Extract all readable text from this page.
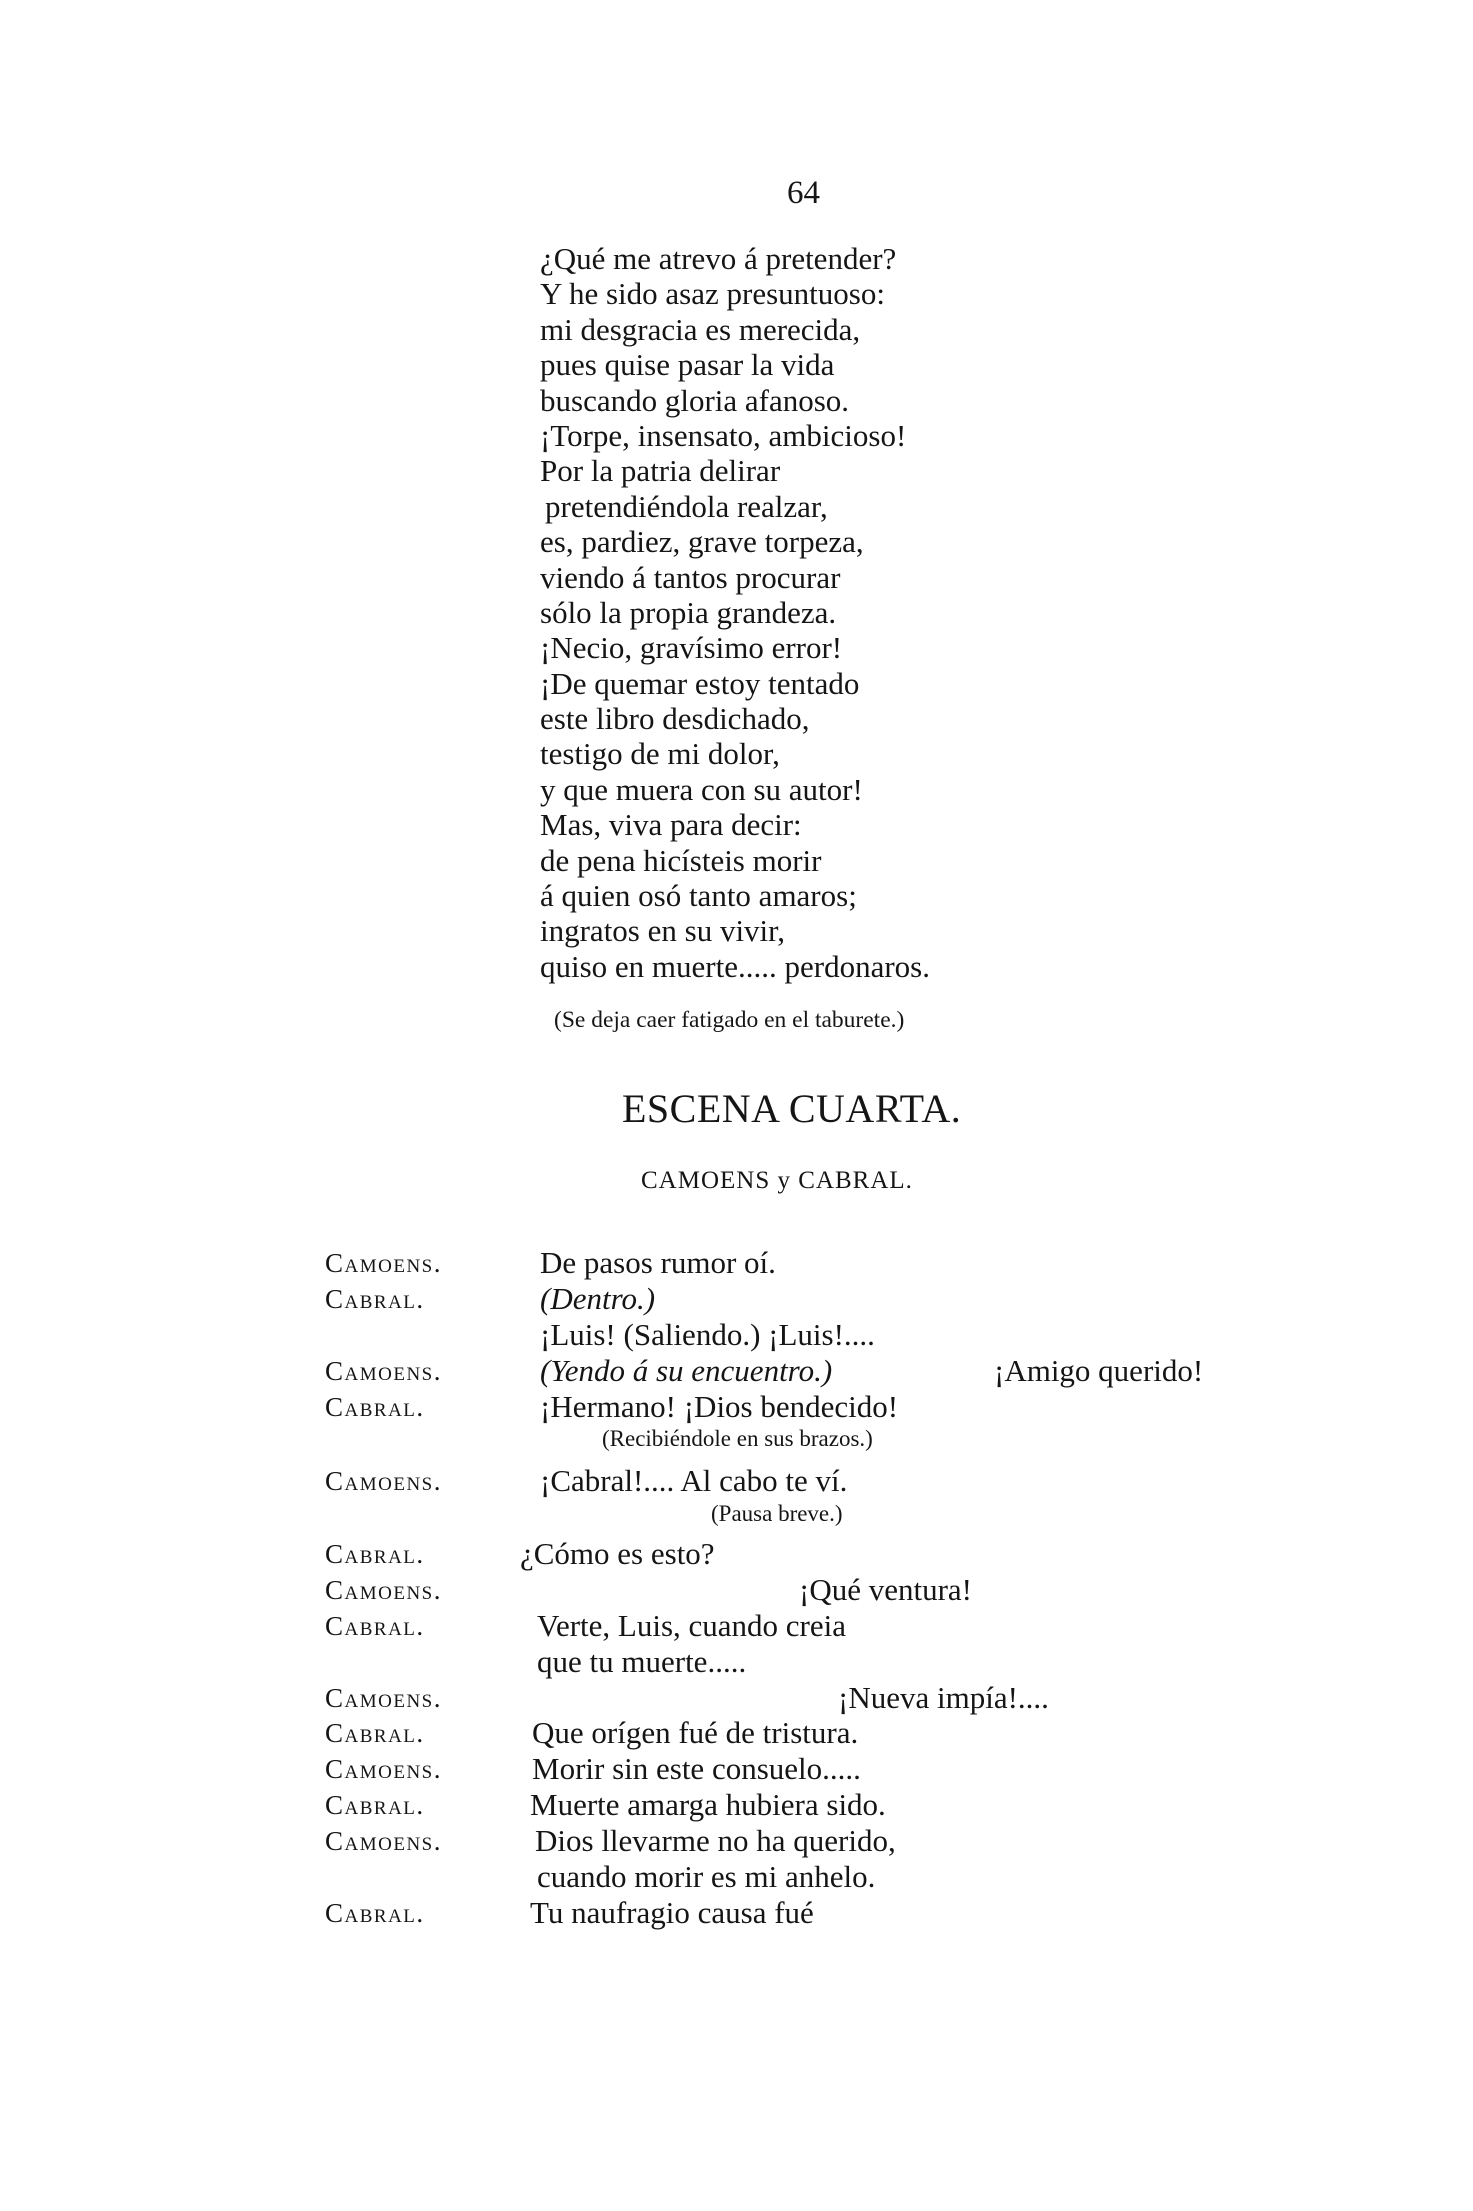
64
¿Qué me atrevo á pretender?
Y he sido asaz presuntuoso:
mi desgracia es merecida,
pues quise pasar la vida
buscando gloria afanoso.
¡Torpe, insensato, ambicioso!
Por la patria delirar
pretendiéndola realzar,
es, pardiez, grave torpeza,
viendo á tantos procurar
sólo la propia grandeza.
¡Necio, gravísimo error!
¡De quemar estoy tentado
este libro desdichado,
testigo de mi dolor,
y que muera con su autor!
Mas, viva para decir:
de pena hicísteis morir
á quien osó tanto amaros;
ingratos en su vivir,
quiso en muerte..... perdonaros.
(Se deja caer fatigado en el taburete.)
ESCENA CUARTA.
CAMOENS y CABRAL.
Camoens.	De pasos rumor oí.
Cabral.	(Dentro.)
¡Luis! (Saliendo.) ¡Luis!....
Camoens.	(Yendo á su encuentro.)	¡Amigo querido!
Cabral.	¡Hermano! ¡Dios bendecido!
(Recibiéndole en sus brazos.)
Camoens.	¡Cabral!.... Al cabo te ví.
(Pausa breve.)
Cabral.	¿Cómo es esto?
Camoens.	¡Qué ventura!
Cabral.	Verte, Luis, cuando creia
que tu muerte.....
Camoens.	¡Nueva impía!....
Cabral.	Que orígen fué de tristura.
Camoens.	Morir sin este consuelo.....
Cabral.	Muerte amarga hubiera sido.
Camoens.	Dios llevarme no ha querido,
cuando morir es mi anhelo.
Cabral.	Tu naufragio causa fué
